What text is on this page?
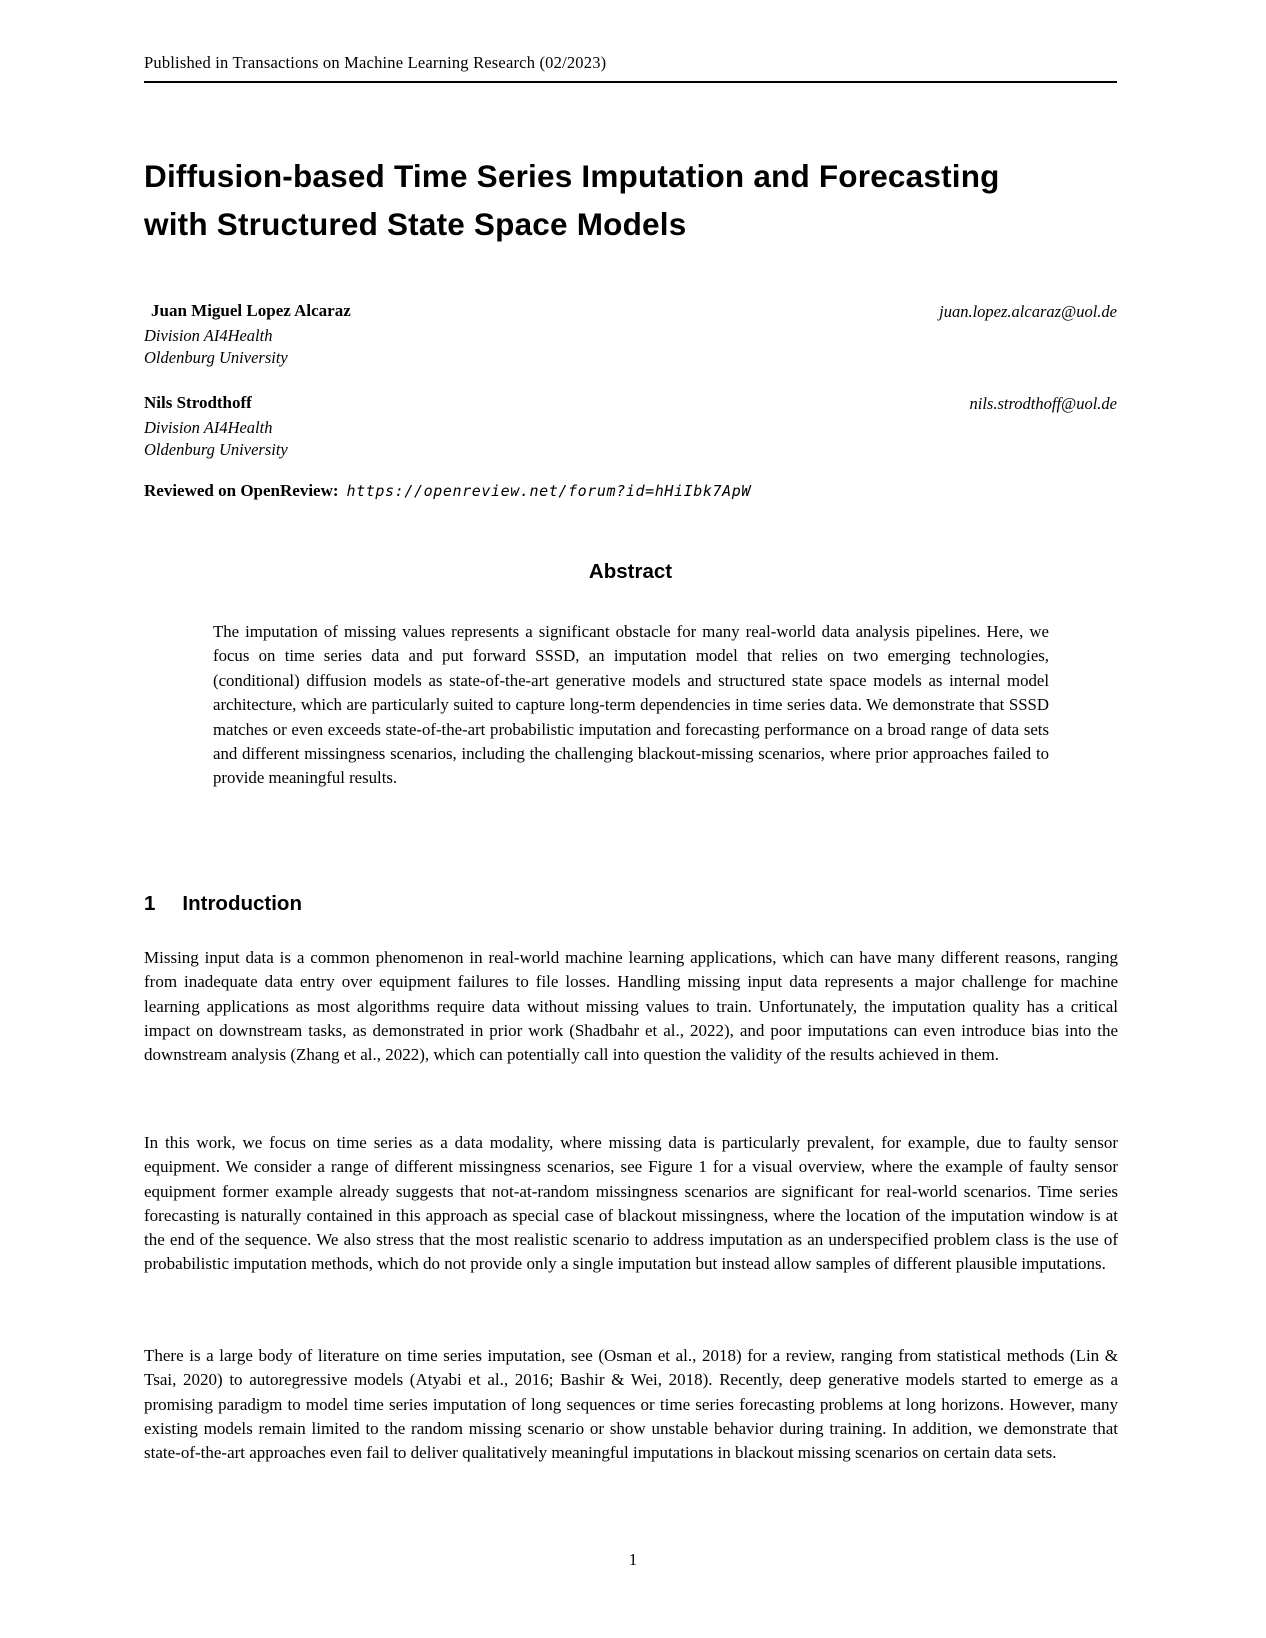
Published in Transactions on Machine Learning Research (02/2023)
Diffusion-based Time Series Imputation and Forecasting
with Structured State Space Models
Juan Miguel Lopez Alcaraz	juan.lopez.alcaraz@uol.de
Division AI4Health
Oldenburg University
Nils Strodthoff	nils.strodthoff@uol.de
Division AI4Health
Oldenburg University
Reviewed on OpenReview: https://openreview.net/forum?id=hHiIbk7ApW
Abstract
The imputation of missing values represents a significant obstacle for many real-world data analysis pipelines. Here, we focus on time series data and put forward SSSD, an imputation model that relies on two emerging technologies, (conditional) diffusion models as state-of-the-art generative models and structured state space models as internal model architecture, which are particularly suited to capture long-term dependencies in time series data. We demonstrate that SSSD matches or even exceeds state-of-the-art probabilistic imputation and forecasting performance on a broad range of data sets and different missingness scenarios, including the challenging blackout-missing scenarios, where prior approaches failed to provide meaningful results.
1 Introduction

Missing input data is a common phenomenon in real-world machine learning applications, which can have many different reasons, ranging from inadequate data entry over equipment failures to file losses. Handling missing input data represents a major challenge for machine learning applications as most algorithms require data without missing values to train. Unfortunately, the imputation quality has a critical impact on downstream tasks, as demonstrated in prior work (Shadbahr et al., 2022), and poor imputations can even introduce bias into the downstream analysis (Zhang et al., 2022), which can potentially call into question the validity of the results achieved in them.

In this work, we focus on time series as a data modality, where missing data is particularly prevalent, for example, due to faulty sensor equipment. We consider a range of different missingness scenarios, see Figure 1 for a visual overview, where the example of faulty sensor equipment former example already suggests that not-at-random missingness scenarios are significant for real-world scenarios. Time series forecasting is naturally contained in this approach as special case of blackout missingness, where the location of the imputation window is at the end of the sequence. We also stress that the most realistic scenario to address imputation as an underspecified problem class is the use of probabilistic imputation methods, which do not provide only a single imputation but instead allow samples of different plausible imputations.

There is a large body of literature on time series imputation, see (Osman et al., 2018) for a review, ranging from statistical methods (Lin & Tsai, 2020) to autoregressive models (Atyabi et al., 2016; Bashir & Wei, 2018). Recently, deep generative models started to emerge as a promising paradigm to model time series imputation of long sequences or time series forecasting problems at long horizons. However, many existing models remain limited to the random missing scenario or show unstable behavior during training. In addition, we demonstrate that state-of-the-art approaches even fail to deliver qualitatively meaningful imputations in blackout missing scenarios on certain data sets.

1
